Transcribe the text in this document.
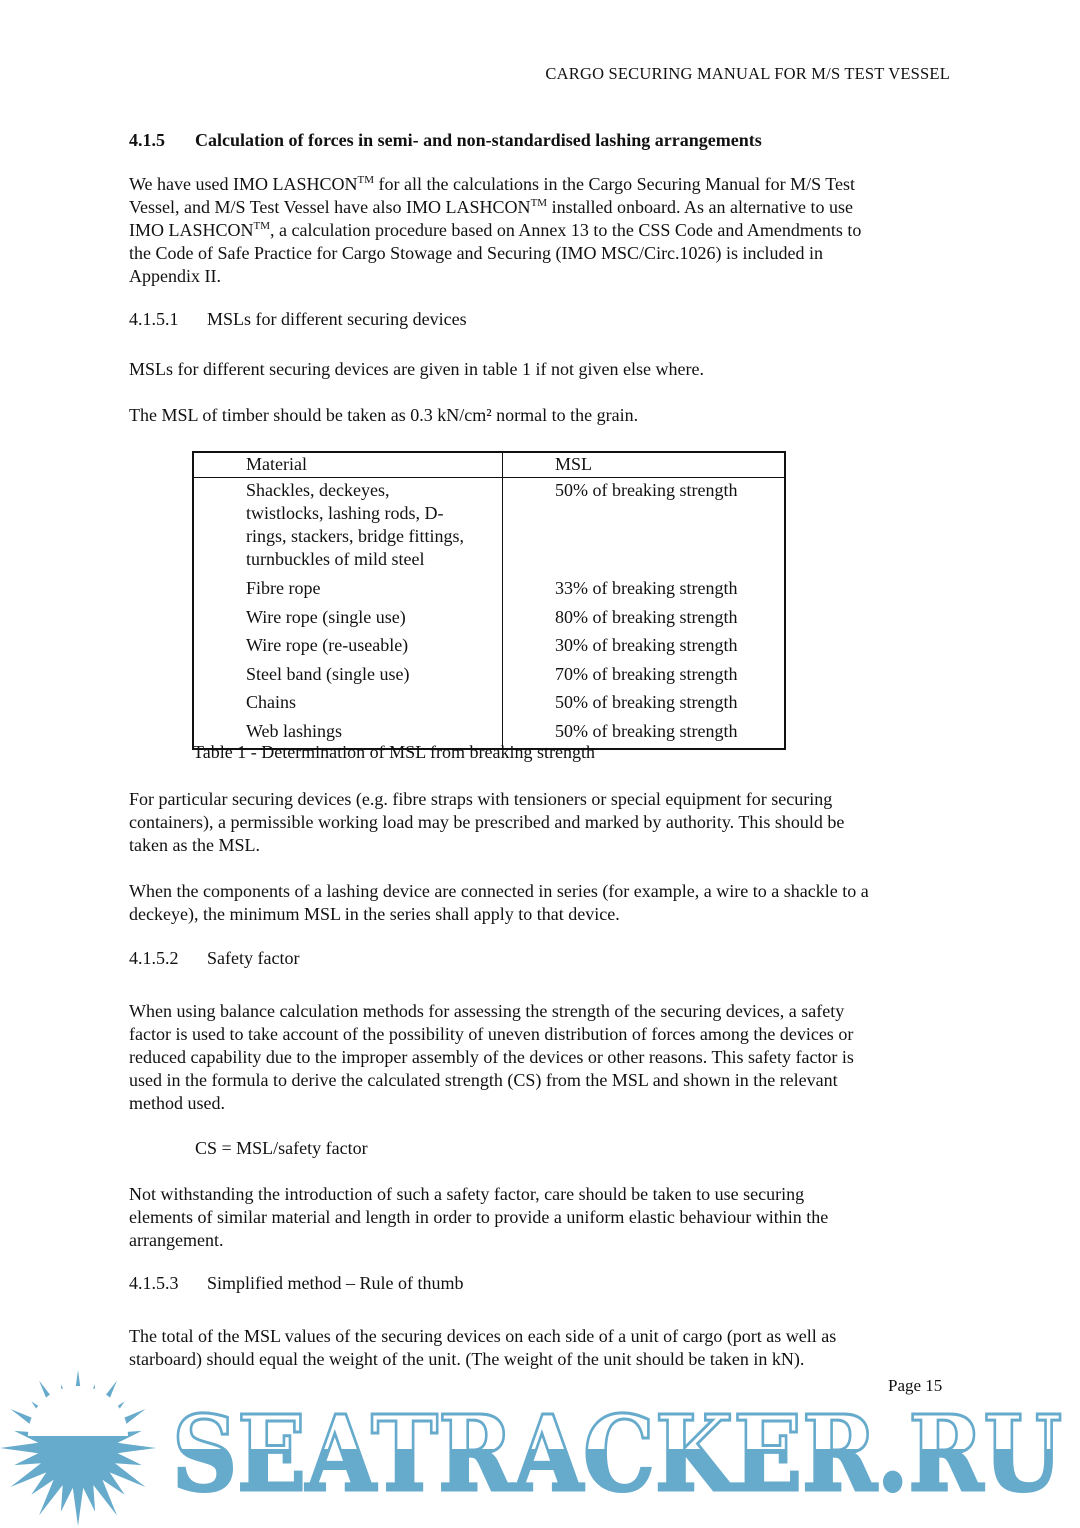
CARGO SECURING MANUAL FOR M/S TEST VESSEL
4.1.5 Calculation of forces in semi- and non-standardised lashing arrangements
We have used IMO LASHCON™ for all the calculations in the Cargo Securing Manual for M/S Test
Vessel, and M/S Test Vessel have also IMO LASHCON™ installed onboard. As an alternative to use
IMO LASHCON™, a calculation procedure based on Annex 13 to the CSS Code and Amendments to
the Code of Safe Practice for Cargo Stowage and Securing (IMO MSC/Circ.1026) is included in
Appendix II.
4.1.5.1 MSLs for different securing devices
MSLs for different securing devices are given in table 1 if not given else where.
The MSL of timber should be taken as 0.3 kN/cm² normal to the grain.
Material	MSL

Shackles, deckeyes,
twistlocks, lashing rods, D-
rings, stackers, bridge fittings,
turnbuckles of mild steel	50% of breaking strength
Fibre rope	33% of breaking strength
Wire rope (single use)	80% of breaking strength
Wire rope (re-useable)	30% of breaking strength
Steel band (single use)	70% of breaking strength
Chains	50% of breaking strength
Web lashings	50% of breaking strength
Table 1 - Determination of MSL from breaking strength
For particular securing devices (e.g. fibre straps with tensioners or special equipment for securing
containers), a permissible working load may be prescribed and marked by authority. This should be
taken as the MSL.
When the components of a lashing device are connected in series (for example, a wire to a shackle to a
deckeye), the minimum MSL in the series shall apply to that device.
4.1.5.2 Safety factor
When using balance calculation methods for assessing the strength of the securing devices, a safety
factor is used to take account of the possibility of uneven distribution of forces among the devices or
reduced capability due to the improper assembly of the devices or other reasons. This safety factor is
used in the formula to derive the calculated strength (CS) from the MSL and shown in the relevant
method used.
CS = MSL/safety factor
Not withstanding the introduction of such a safety factor, care should be taken to use securing
elements of similar material and length in order to provide a uniform elastic behaviour within the
arrangement.
4.1.5.3 Simplified method – Rule of thumb
The total of the MSL values of the securing devices on each side of a unit of cargo (port as well as
starboard) should equal the weight of the unit. (The weight of the unit should be taken in kN).
SEATRACKER.RU
Page 15
